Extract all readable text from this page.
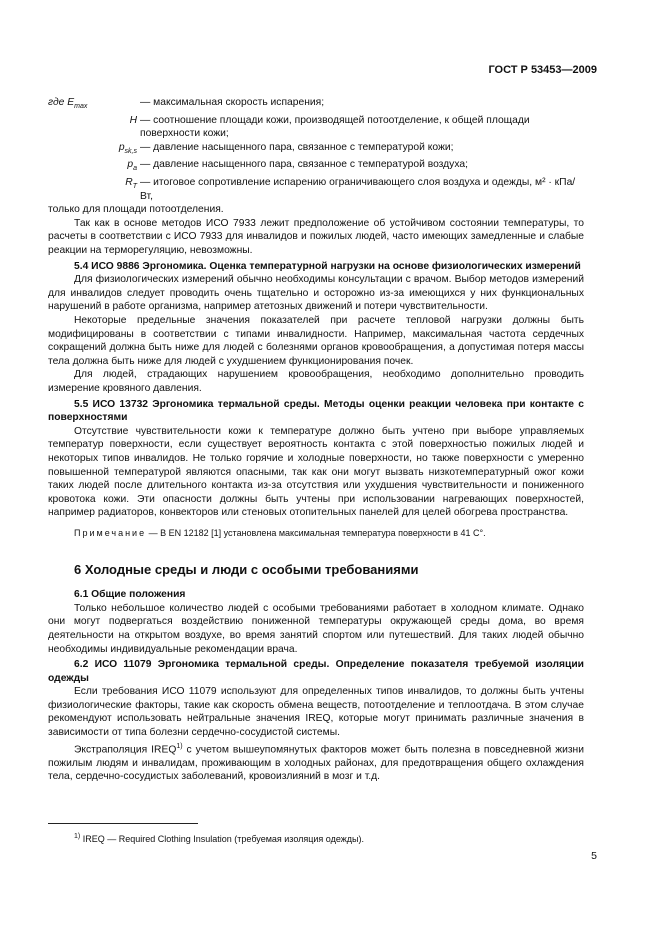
ГОСТ Р 53453—2009
где $E_{max}$	— максимальная скорость испарения;
H — соотношение площади кожи, производящей потоотделение, к общей площади поверхности кожи;
$p_{sk,s}$ — давление насыщенного пара, связанное с температурой кожи;
$p_a$ — давление насыщенного пара, связанное с температурой воздуха;
$R_T$ — итоговое сопротивление испарению ограничивающего слоя воздуха и одежды, м² · кПа/Вт,

только для площади потоотделения.

Так как в основе методов ИСО 7933 лежит предположение об устойчивом состоянии температуры, то расчеты в соответствии с ИСО 7933 для инвалидов и пожилых людей, часто имеющих замедленные и слабые реакции на терморегуляцию, невозможны.

5.4 ИСО 9886 Эргономика. Оценка температурной нагрузки на основе физиологических измерений

Для физиологических измерений обычно необходимы консультации с врачом. Выбор методов измерений для инвалидов следует проводить очень тщательно и осторожно из-за имеющихся у них функциональных нарушений в работе организма, например атетозных движений и потери чувствительности.

Некоторые предельные значения показателей при расчете тепловой нагрузки должны быть модифицированы в соответствии с типами инвалидности. Например, максимальная частота сердечных сокращений должна быть ниже для людей с болезнями органов кровообращения, а допустимая потеря массы тела должна быть ниже для людей с ухудшением функционирования почек.

Для людей, страдающих нарушением кровообращения, необходимо дополнительно проводить измерение кровяного давления.

5.5 ИСО 13732 Эргономика термальной среды. Методы оценки реакции человека при контакте с поверхностями

Отсутствие чувствительности кожи к температуре должно быть учтено при выборе управляемых температур поверхности, если существует вероятность контакта с этой поверхностью пожилых людей и некоторых типов инвалидов. Не только горячие и холодные поверхности, но также поверхности с умеренно повышенной температурой являются опасными, так как они могут вызвать низкотемпературный ожог кожи таких людей после длительного контакта из-за отсутствия или ухудшения чувствительности и пониженного кровотока кожи. Эти опасности должны быть учтены при использовании нагревающих поверхностей, например радиаторов, конвекторов или стеновых отопительных панелей для целей обогрева пространства.

Примечание — В EN 12182 [1] установлена максимальная температура поверхности в 41 С°.

6 Холодные среды и люди с особыми требованиями

6.1 Общие положения

Только небольшое количество людей с особыми требованиями работает в холодном климате. Однако они могут подвергаться воздействию пониженной температуры окружающей среды дома, во время деятельности на открытом воздухе, во время занятий спортом или путешествий. Для таких людей обычно необходимы индивидуальные рекомендации врача.

6.2 ИСО 11079 Эргономика термальной среды. Определение показателя требуемой изоляции одежды

Если требования ИСО 11079 используют для определенных типов инвалидов, то должны быть учтены физиологические факторы, такие как скорость обмена веществ, потоотделение и теплоотдача. В этом случае рекомендуют использовать нейтральные значения IREQ, которые могут принимать различные значения в зависимости от типа болезни сердечно-сосудистой системы.

Экстраполяция IREQ$^{1)}$ с учетом вышеупомянутых факторов может быть полезна в повседневной жизни пожилым людям и инвалидам, проживающим в холодных районах, для предотвращения общего охлаждения тела, сердечно-сосудистых заболеваний, кровоизлияний в мозг и т.д.

$^{1)}$ IREQ — Required Clothing Insulation (требуемая изоляция одежды).
5
